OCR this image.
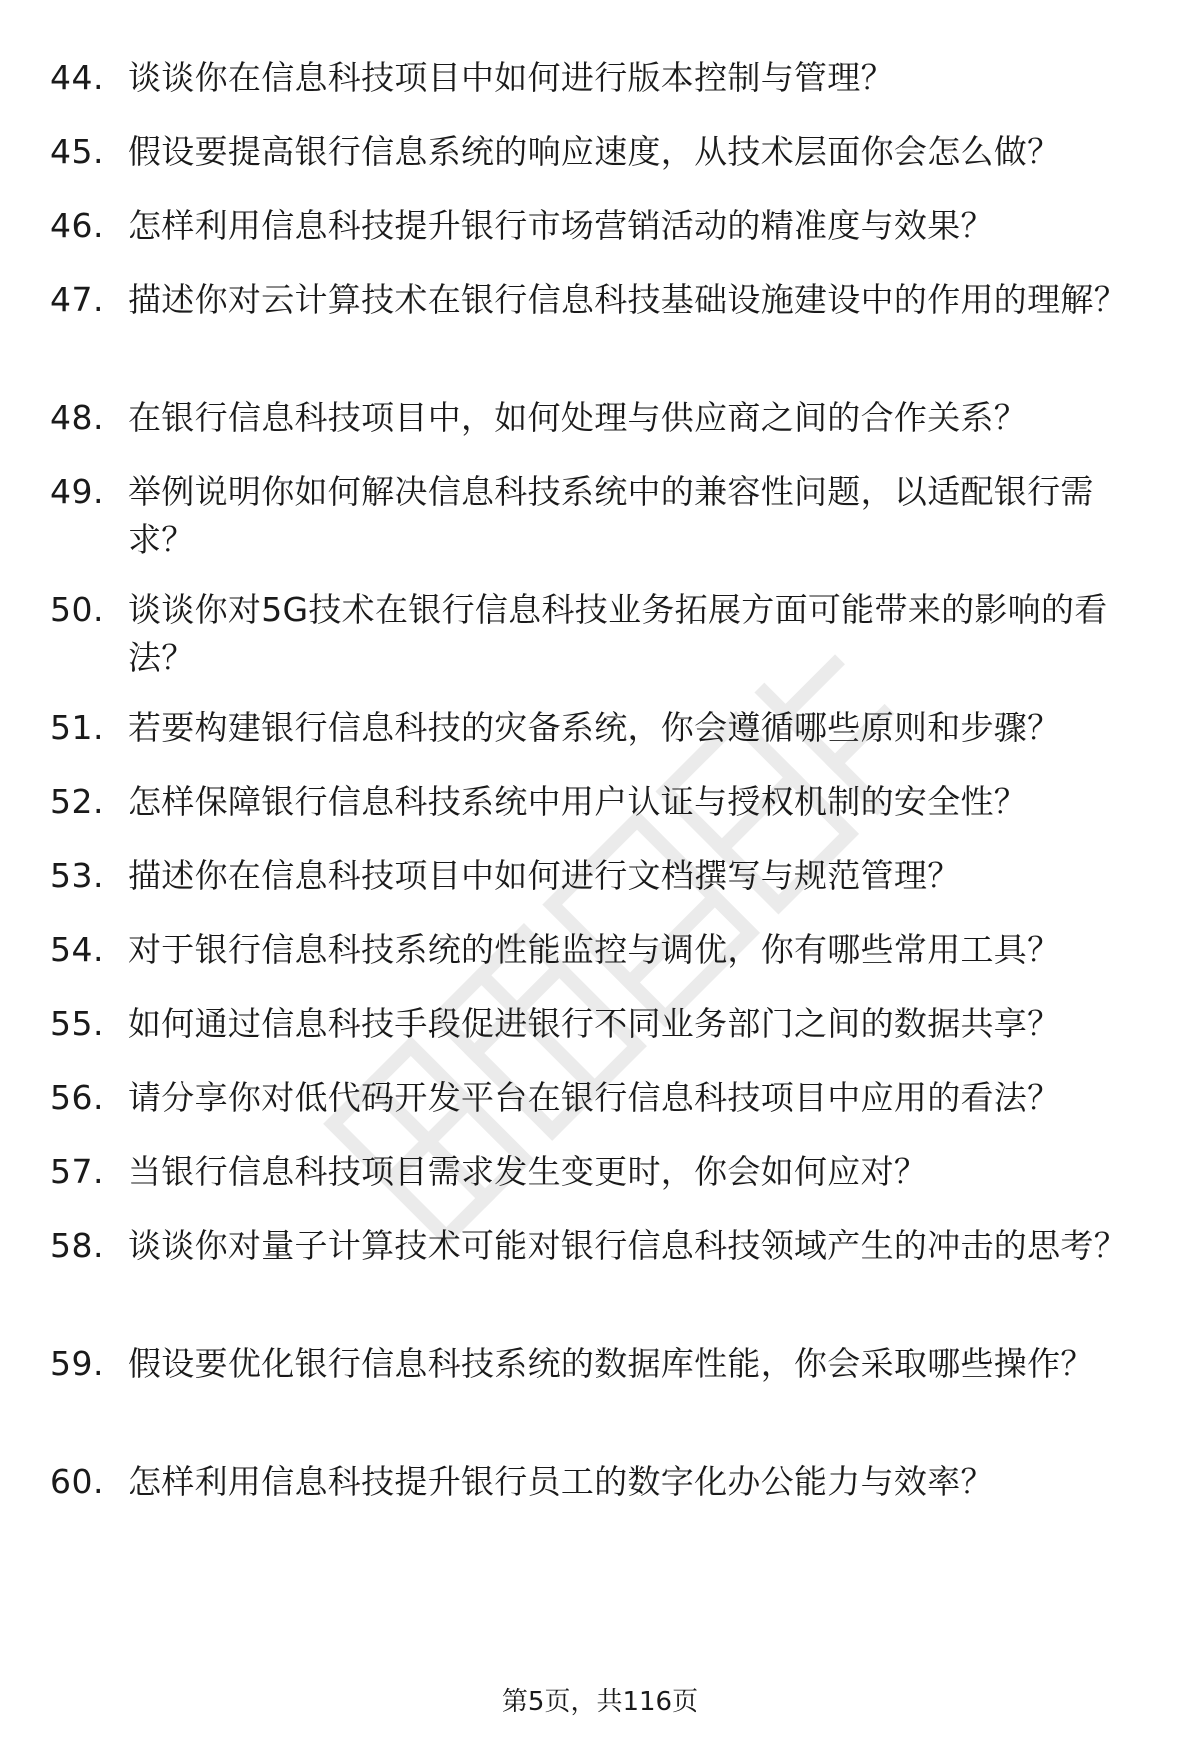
44. 谈谈你在信息科技项目中如何进行版本控制与管理？
45. 假设要提高银行信息系统的响应速度，从技术层面你会怎么做？
46. 怎样利用信息科技提升银行市场营销活动的精准度与效果？
47. 描述你对云计算技术在银行信息科技基础设施建设中的作用的理解？
48. 在银行信息科技项目中，如何处理与供应商之间的合作关系？
49. 举例说明你如何解决信息科技系统中的兼容性问题，以适配银行需求？
50. 谈谈你对5G技术在银行信息科技业务拓展方面可能带来的影响的看法？
51. 若要构建银行信息科技的灾备系统，你会遵循哪些原则和步骤？
52. 怎样保障银行信息科技系统中用户认证与授权机制的安全性？
53. 描述你在信息科技项目中如何进行文档撰写与规范管理？
54. 对于银行信息科技系统的性能监控与调优，你有哪些常用工具？
55. 如何通过信息科技手段促进银行不同业务部门之间的数据共享？
56. 请分享你对低代码开发平台在银行信息科技项目中应用的看法？
57. 当银行信息科技项目需求发生变更时，你会如何应对？
58. 谈谈你对量子计算技术可能对银行信息科技领域产生的冲击的思考？
59. 假设要优化银行信息科技系统的数据库性能，你会采取哪些操作？
60. 怎样利用信息科技提升银行员工的数字化办公能力与效率？
第5页，共116页
